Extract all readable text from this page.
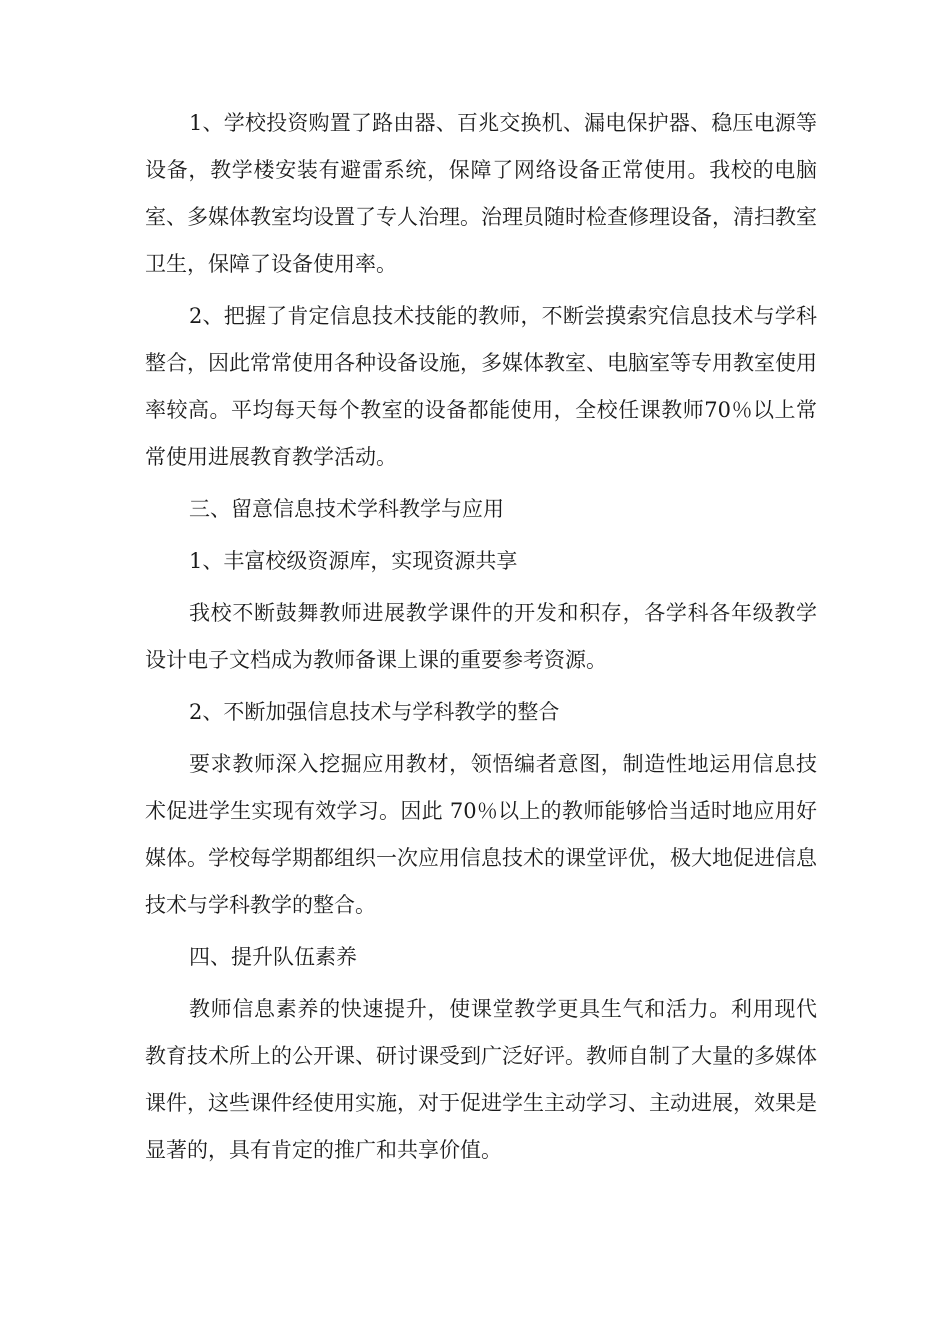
1、学校投资购置了路由器、百兆交换机、漏电保护器、稳压电源等设备，教学楼安装有避雷系统，保障了网络设备正常使用。我校的电脑室、多媒体教室均设置了专人治理。治理员随时检查修理设备，清扫教室卫生，保障了设备使用率。

2、把握了肯定信息技术技能的教师，不断尝摸索究信息技术与学科整合，因此常常使用各种设备设施，多媒体教室、电脑室等专用教室使用率较高。平均每天每个教室的设备都能使用，全校任课教师70％以上常常使用进展教育教学活动。

三、留意信息技术学科教学与应用

1、丰富校级资源库，实现资源共享

我校不断鼓舞教师进展教学课件的开发和积存，各学科各年级教学设计电子文档成为教师备课上课的重要参考资源。

2、不断加强信息技术与学科教学的整合

要求教师深入挖掘应用教材，领悟编者意图，制造性地运用信息技术促进学生实现有效学习。因此 70％以上的教师能够恰当适时地应用好媒体。学校每学期都组织一次应用信息技术的课堂评优，极大地促进信息技术与学科教学的整合。

四、提升队伍素养

教师信息素养的快速提升，使课堂教学更具生气和活力。利用现代教育技术所上的公开课、研讨课受到广泛好评。教师自制了大量的多媒体课件，这些课件经使用实施，对于促进学生主动学习、主动进展，效果是显著的，具有肯定的推广和共享价值。
